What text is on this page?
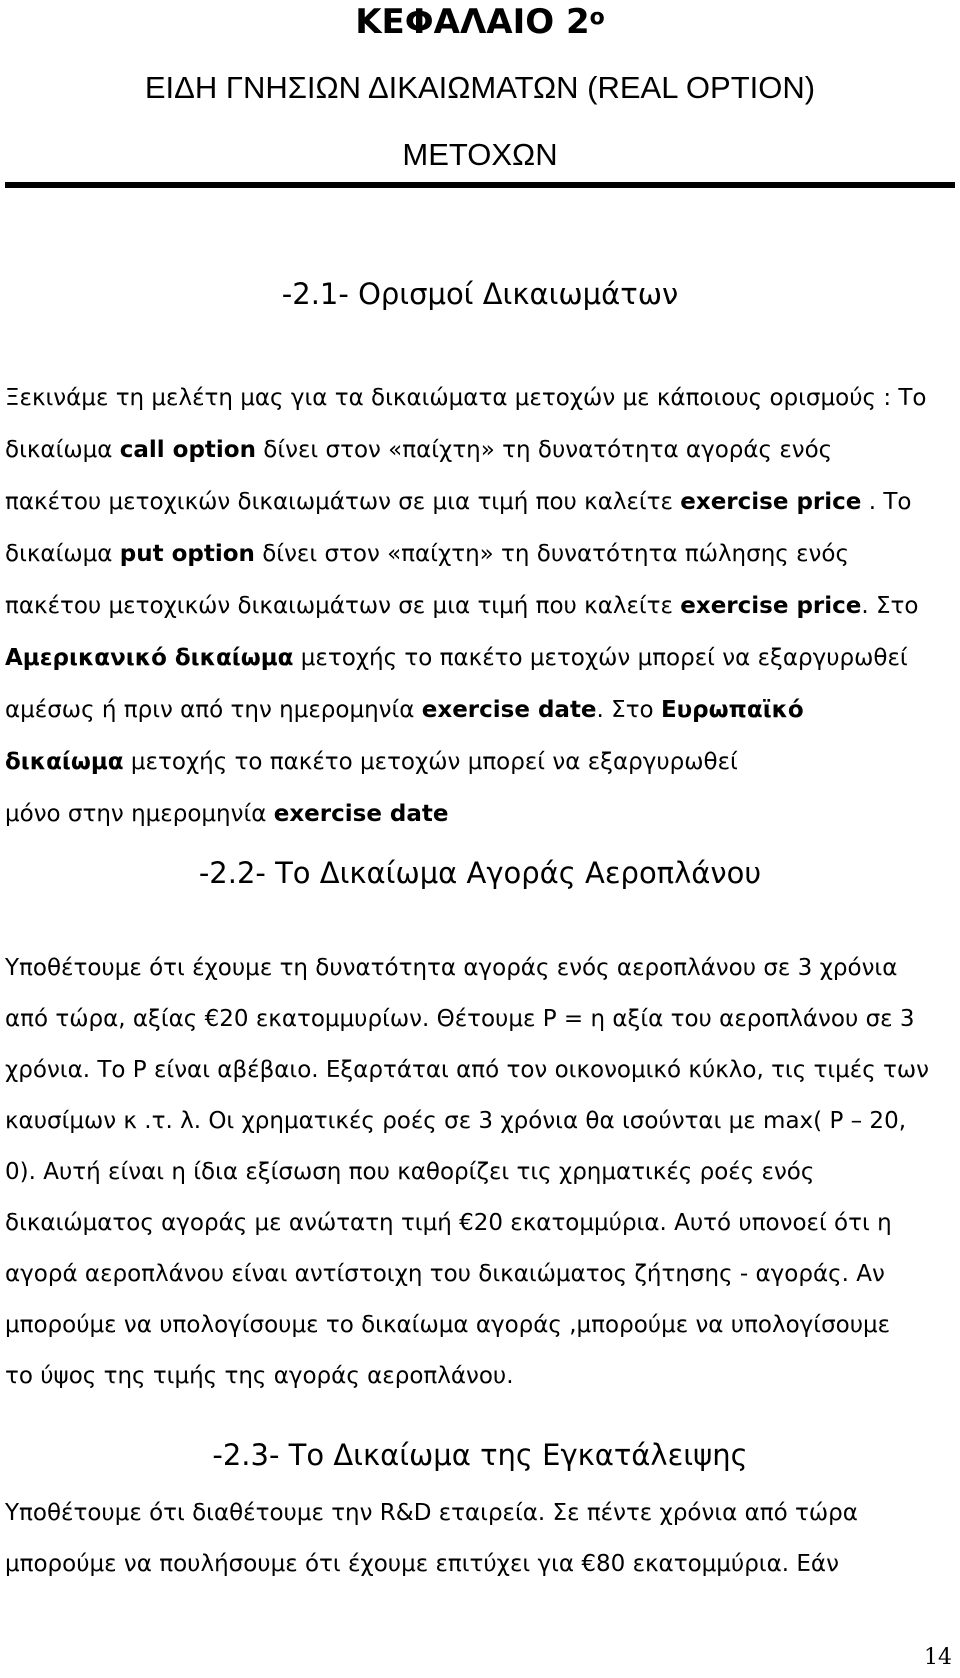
ΚΕΦΑΛΑΙΟ $2^o$
ΕΙΔΗ ΓΝΗΣΙΩΝ ΔΙΚΑΙΩΜΑΤΩΝ (REAL OPTION)
ΜΕΤΟΧΩΝ
-2.1- Ορισμοί Δικαιωμάτων
Ξεκινάμε τη μελέτη μας για τα δικαιώματα μετοχών με κάποιους ορισμούς : Το
δικαίωμα call option δίνει στον «παίχτη» τη δυνατότητα αγοράς ενός
πακέτου μετοχικών δικαιωμάτων σε μια τιμή που καλείτε exercise price . Το
δικαίωμα put option δίνει στον «παίχτη» τη δυνατότητα πώλησης ενός
πακέτου μετοχικών δικαιωμάτων σε μια τιμή που καλείτε exercise price. Στο
Αμερικανικό δικαίωμα μετοχής το πακέτο μετοχών μπορεί να εξαργυρωθεί
αμέσως ή πριν από την ημερομηνία exercise date. Στο Ευρωπαϊκό
δικαίωμα μετοχής το πακέτο μετοχών μπορεί να εξαργυρωθεί
μόνο στην ημερομηνία exercise date
-2.2- Το Δικαίωμα Αγοράς Αεροπλάνου
Υποθέτουμε ότι έχουμε τη δυνατότητα αγοράς ενός αεροπλάνου σε 3 χρόνια
από τώρα, αξίας €20 εκατομμυρίων. Θέτουμε P = η αξία του αεροπλάνου σε 3
χρόνια. Το P είναι αβέβαιο. Εξαρτάται από τον οικονομικό κύκλο, τις τιμές των
καυσίμων κ .τ. λ. Οι χρηματικές ροές σε 3 χρόνια θα ισούνται με max( P – 20,
0). Αυτή είναι η ίδια εξίσωση που καθορίζει τις χρηματικές ροές ενός
δικαιώματος αγοράς με ανώτατη τιμή €20 εκατομμύρια. Αυτό υπονοεί ότι η
αγορά αεροπλάνου είναι αντίστοιχη του δικαιώματος ζήτησης - αγοράς. Αν
μπορούμε να υπολογίσουμε το δικαίωμα αγοράς ,μπορούμε να υπολογίσουμε
το ύψος της τιμής της αγοράς αεροπλάνου.
-2.3- Το Δικαίωμα της Εγκατάλειψης
Υποθέτουμε ότι διαθέτουμε την R&D εταιρεία. Σε πέντε χρόνια από τώρα
μπορούμε να πουλήσουμε ότι έχουμε επιτύχει για €80 εκατομμύρια. Εάν
14
